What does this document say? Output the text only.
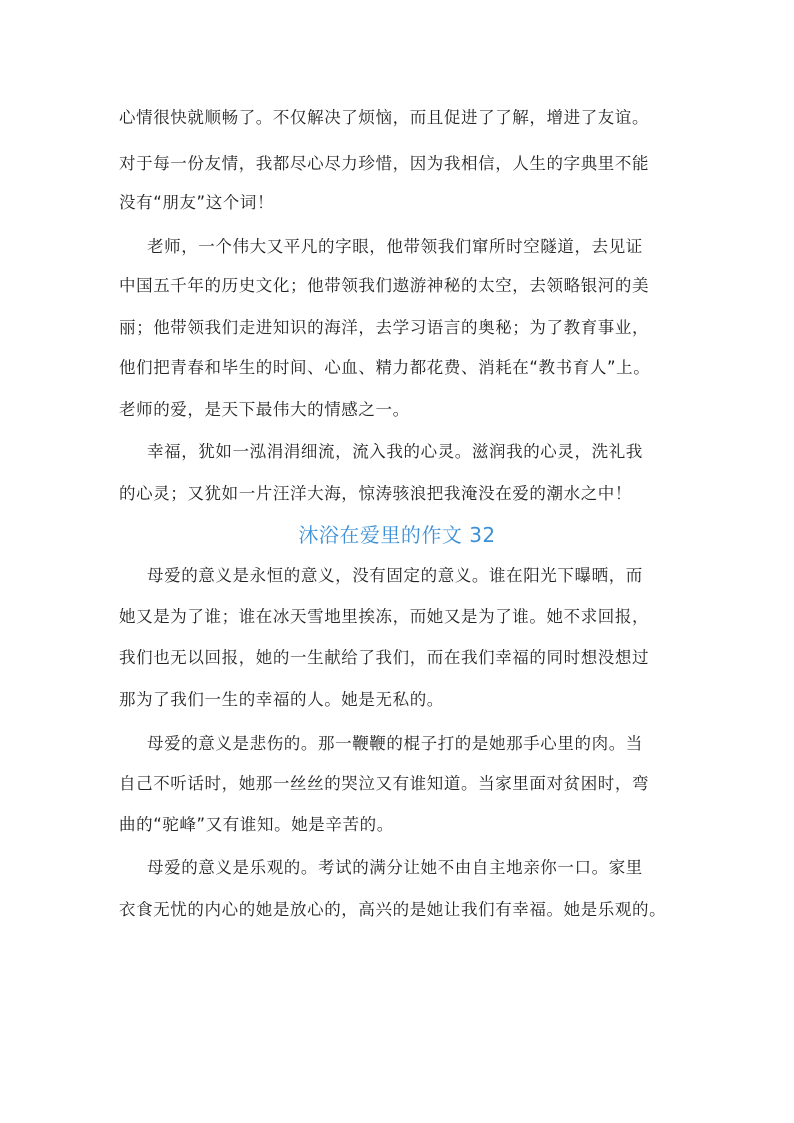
心情很快就顺畅了。不仅解决了烦恼，而且促进了了解，增进了友谊。
对于每一份友情，我都尽心尽力珍惜，因为我相信，人生的字典里不能
没有“朋友”这个词！
老师，一个伟大又平凡的字眼，他带领我们窜所时空隧道，去见证
中国五千年的历史文化；他带领我们遨游神秘的太空，去领略银河的美
丽；他带领我们走进知识的海洋，去学习语言的奥秘；为了教育事业，
他们把青春和毕生的时间、心血、精力都花费、消耗在“教书育人”上。
老师的爱，是天下最伟大的情感之一。
幸福，犹如一泓涓涓细流，流入我的心灵。滋润我的心灵，洗礼我
的心灵；又犹如一片汪洋大海，惊涛骇浪把我淹没在爱的潮水之中！
沐浴在爱里的作文 32
母爱的意义是永恒的意义，没有固定的意义。谁在阳光下曝晒，而
她又是为了谁；谁在冰天雪地里挨冻，而她又是为了谁。她不求回报，
我们也无以回报，她的一生献给了我们，而在我们幸福的同时想没想过
那为了我们一生的幸福的人。她是无私的。
母爱的意义是悲伤的。那一鞭鞭的棍子打的是她那手心里的肉。当
自己不听话时，她那一丝丝的哭泣又有谁知道。当家里面对贫困时，弯
曲的“驼峰”又有谁知。她是辛苦的。
母爱的意义是乐观的。考试的满分让她不由自主地亲你一口。家里
衣食无忧的内心的她是放心的，高兴的是她让我们有幸福。她是乐观的。
